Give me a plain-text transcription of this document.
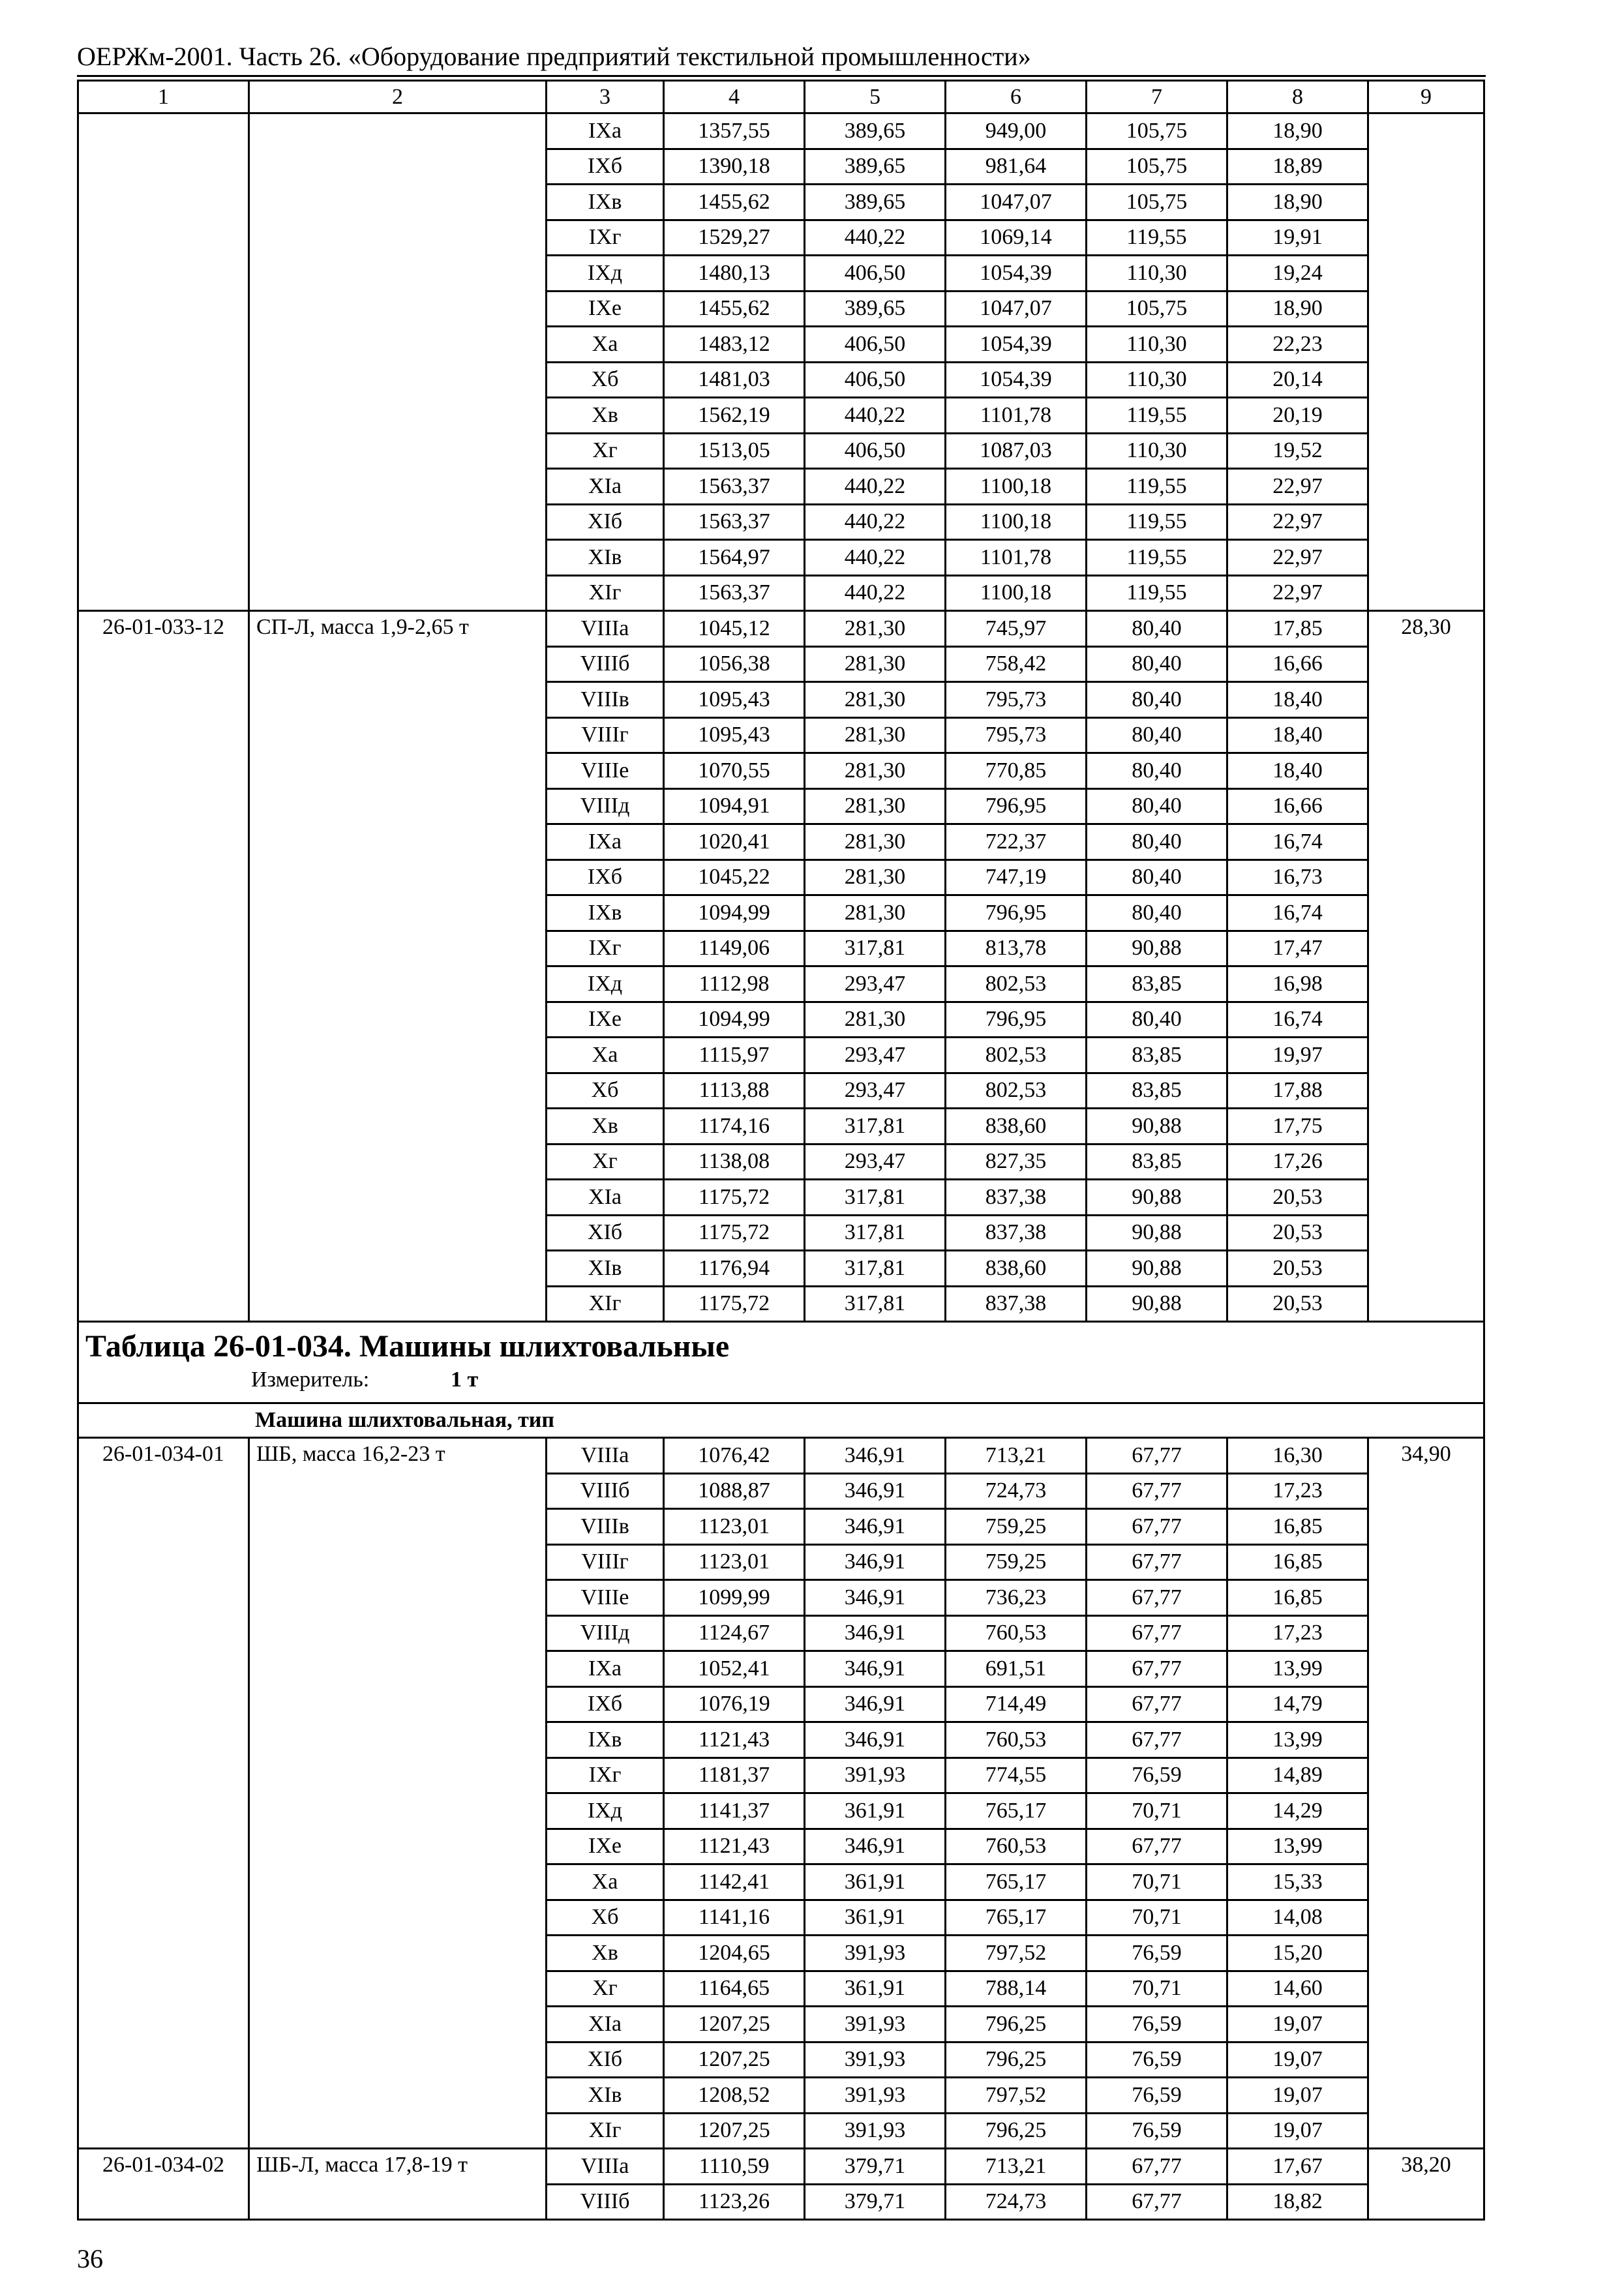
ОЕРЖм-2001. Часть 26. «Оборудование предприятий текстильной промышленности»
1	2	3	4	5	6	7	8	9
		IXа	1357,55	389,65	949,00	105,75	18,90	
		IXб	1390,18	389,65	981,64	105,75	18,89	
		IXв	1455,62	389,65	1047,07	105,75	18,90	
		IXг	1529,27	440,22	1069,14	119,55	19,91	
		IXд	1480,13	406,50	1054,39	110,30	19,24	
		IXе	1455,62	389,65	1047,07	105,75	18,90	
		Xа	1483,12	406,50	1054,39	110,30	22,23	
		Xб	1481,03	406,50	1054,39	110,30	20,14	
		Xв	1562,19	440,22	1101,78	119,55	20,19	
		Xг	1513,05	406,50	1087,03	110,30	19,52	
		XIа	1563,37	440,22	1100,18	119,55	22,97	
		XIб	1563,37	440,22	1100,18	119,55	22,97	
		XIв	1564,97	440,22	1101,78	119,55	22,97	
		XIг	1563,37	440,22	1100,18	119,55	22,97	
26-01-033-12	СП-Л, масса 1,9-2,65 т	VIIIа	1045,12	281,30	745,97	80,40	17,85	28,30
		VIIIб	1056,38	281,30	758,42	80,40	16,66	
		VIIIв	1095,43	281,30	795,73	80,40	18,40	
		VIIIг	1095,43	281,30	795,73	80,40	18,40	
		VIIIе	1070,55	281,30	770,85	80,40	18,40	
		VIIIд	1094,91	281,30	796,95	80,40	16,66	
		IXа	1020,41	281,30	722,37	80,40	16,74	
		IXб	1045,22	281,30	747,19	80,40	16,73	
		IXв	1094,99	281,30	796,95	80,40	16,74	
		IXг	1149,06	317,81	813,78	90,88	17,47	
		IXд	1112,98	293,47	802,53	83,85	16,98	
		IXе	1094,99	281,30	796,95	80,40	16,74	
		Xа	1115,97	293,47	802,53	83,85	19,97	
		Xб	1113,88	293,47	802,53	83,85	17,88	
		Xв	1174,16	317,81	838,60	90,88	17,75	
		Xг	1138,08	293,47	827,35	83,85	17,26	
		XIа	1175,72	317,81	837,38	90,88	20,53	
		XIб	1175,72	317,81	837,38	90,88	20,53	
		XIв	1176,94	317,81	838,60	90,88	20,53	
		XIг	1175,72	317,81	837,38	90,88	20,53	

Таблица 26-01-034. Машины шлихтовальные
Измеритель: 1 т								

Машина шлихтовальная, тип								
26-01-034-01	ШБ, масса 16,2-23 т	VIIIа	1076,42	346,91	713,21	67,77	16,30	34,90
		VIIIб	1088,87	346,91	724,73	67,77	17,23	
		VIIIв	1123,01	346,91	759,25	67,77	16,85	
		VIIIг	1123,01	346,91	759,25	67,77	16,85	
		VIIIе	1099,99	346,91	736,23	67,77	16,85	
		VIIIд	1124,67	346,91	760,53	67,77	17,23	
		IXа	1052,41	346,91	691,51	67,77	13,99	
		IXб	1076,19	346,91	714,49	67,77	14,79	
		IXв	1121,43	346,91	760,53	67,77	13,99	
		IXг	1181,37	391,93	774,55	76,59	14,89	
		IXд	1141,37	361,91	765,17	70,71	14,29	
		IXе	1121,43	346,91	760,53	67,77	13,99	
		Xа	1142,41	361,91	765,17	70,71	15,33	
		Xб	1141,16	361,91	765,17	70,71	14,08	
		Xв	1204,65	391,93	797,52	76,59	15,20	
		Xг	1164,65	361,91	788,14	70,71	14,60	
		XIа	1207,25	391,93	796,25	76,59	19,07	
		XIб	1207,25	391,93	796,25	76,59	19,07	
		XIв	1208,52	391,93	797,52	76,59	19,07	
		XIг	1207,25	391,93	796,25	76,59	19,07	
26-01-034-02	ШБ-Л, масса 17,8-19 т	VIIIа	1110,59	379,71	713,21	67,77	17,67	38,20
		VIIIб	1123,26	379,71	724,73	67,77	18,82	
36
